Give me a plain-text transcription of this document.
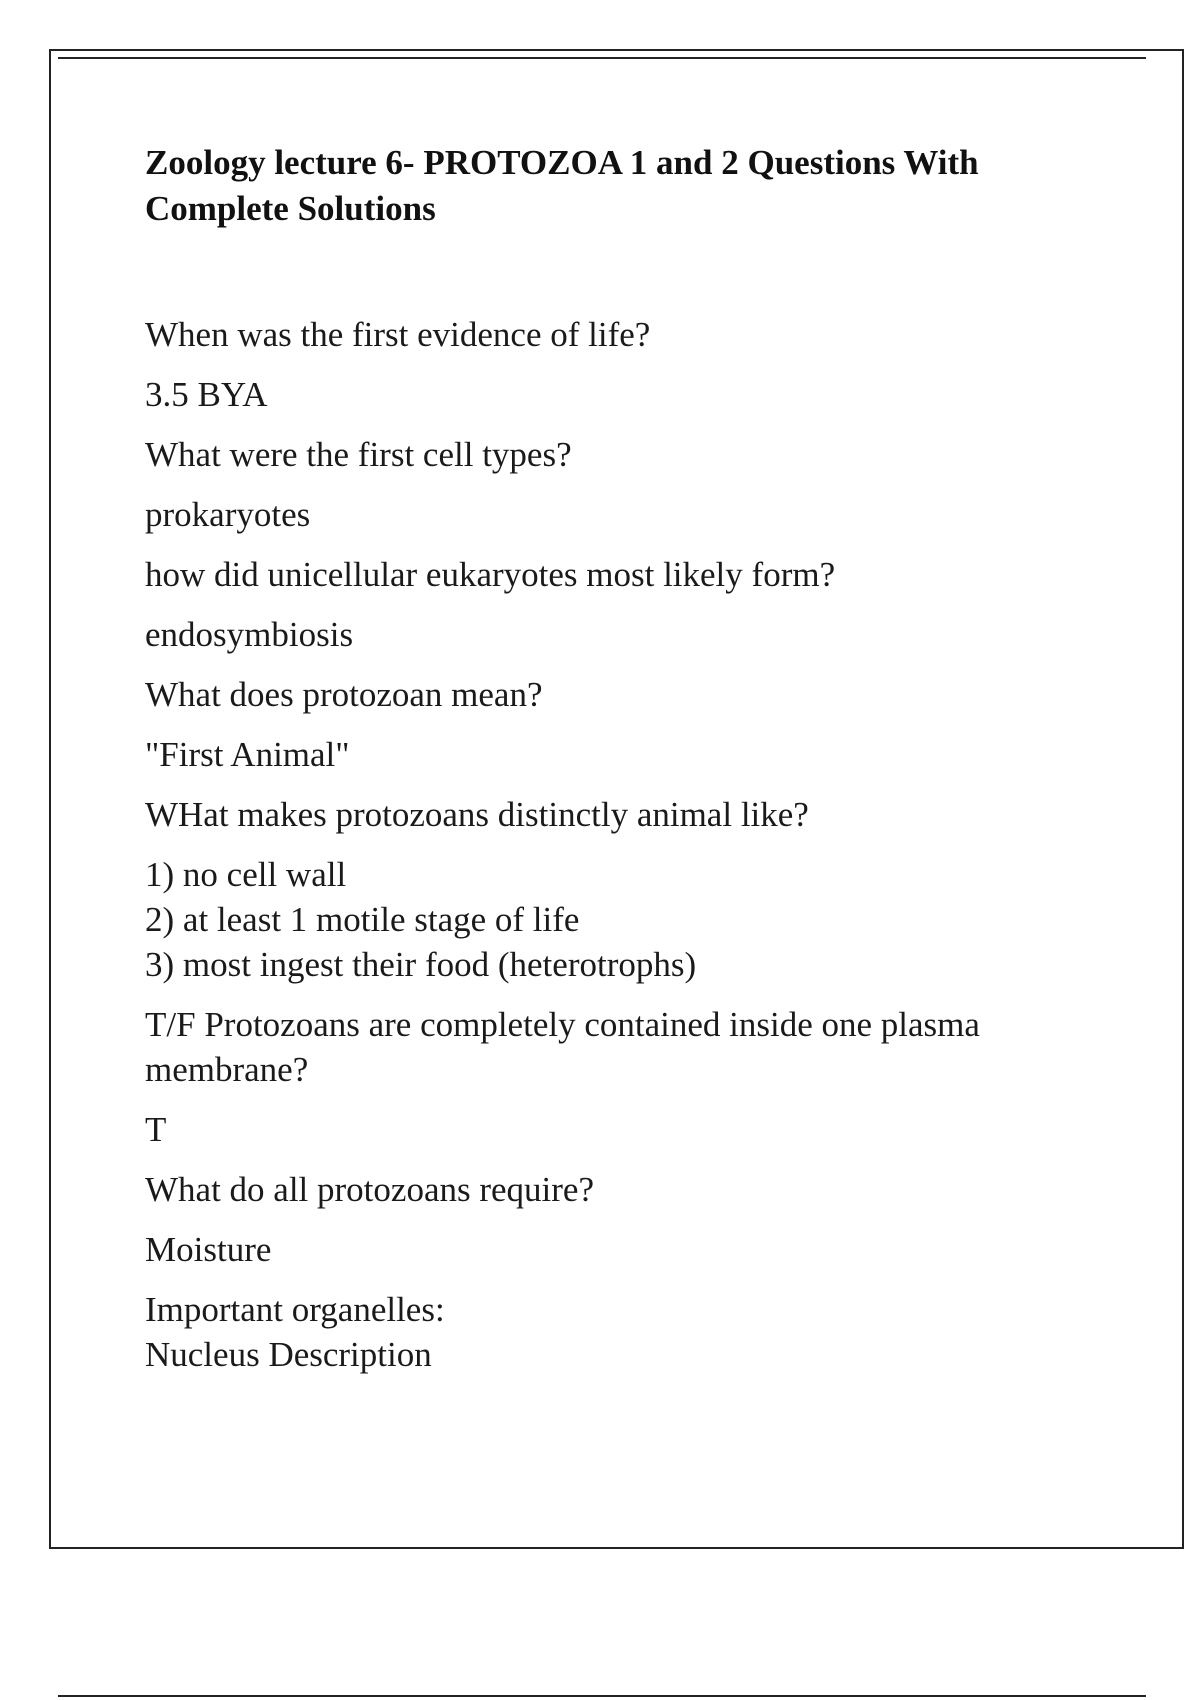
Zoology lecture 6- PROTOZOA 1 and 2 Questions With Complete Solutions

When was the first evidence of life?

3.5 BYA

What were the first cell types?

prokaryotes

how did unicellular eukaryotes most likely form?

endosymbiosis

What does protozoan mean?

"First Animal"

WHat makes protozoans distinctly animal like?

1) no cell wall
2) at least 1 motile stage of life
3) most ingest their food (heterotrophs)

T/F Protozoans are completely contained inside one plasma membrane?

T

What do all protozoans require?

Moisture

Important organelles:
Nucleus Description
